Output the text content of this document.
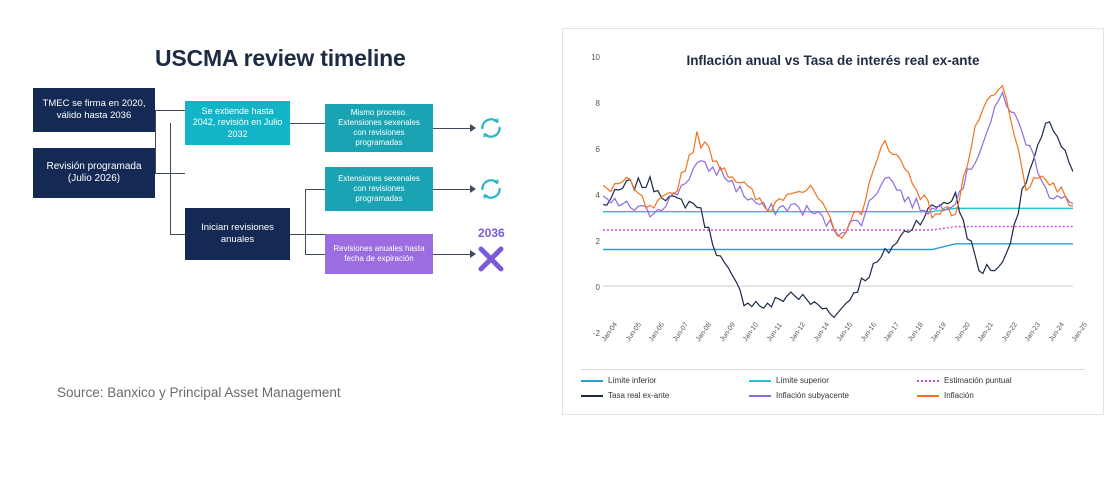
USCMA review timeline
TMEC se firma en 2020, válido hasta 2036
Revisión programada (Julio 2026)
Se extiende hasta 2042, revisión en Julio 2032
Inician revisiones anuales
Mismo proceso. Extensiones sexenales con revisiones programadas
Extensiones sexenales con revisiones programadas
Revisiones anuales hasta fecha de expiración
2036
Source: Banxico y Principal Asset Management
Inflación anual vs Tasa de interés real ex-ante
10
8
6
4
2
0
-2 Jan-04 Jun-05 Jan-06 Jun-07 Jan-08 Jun-09 Jan-10 Jun-11 Jan-12 Jun-14 Jan-15 Jun-16 Jan-17 Jun-18 Jan-19 Jun-20 Jan-21 Jun-22 Jan-23 Jun-24 Jan-25
Límite inferior	Límite superior	Estimación puntual
Tasa real ex-ante	Inflación subyacente	Inflación
